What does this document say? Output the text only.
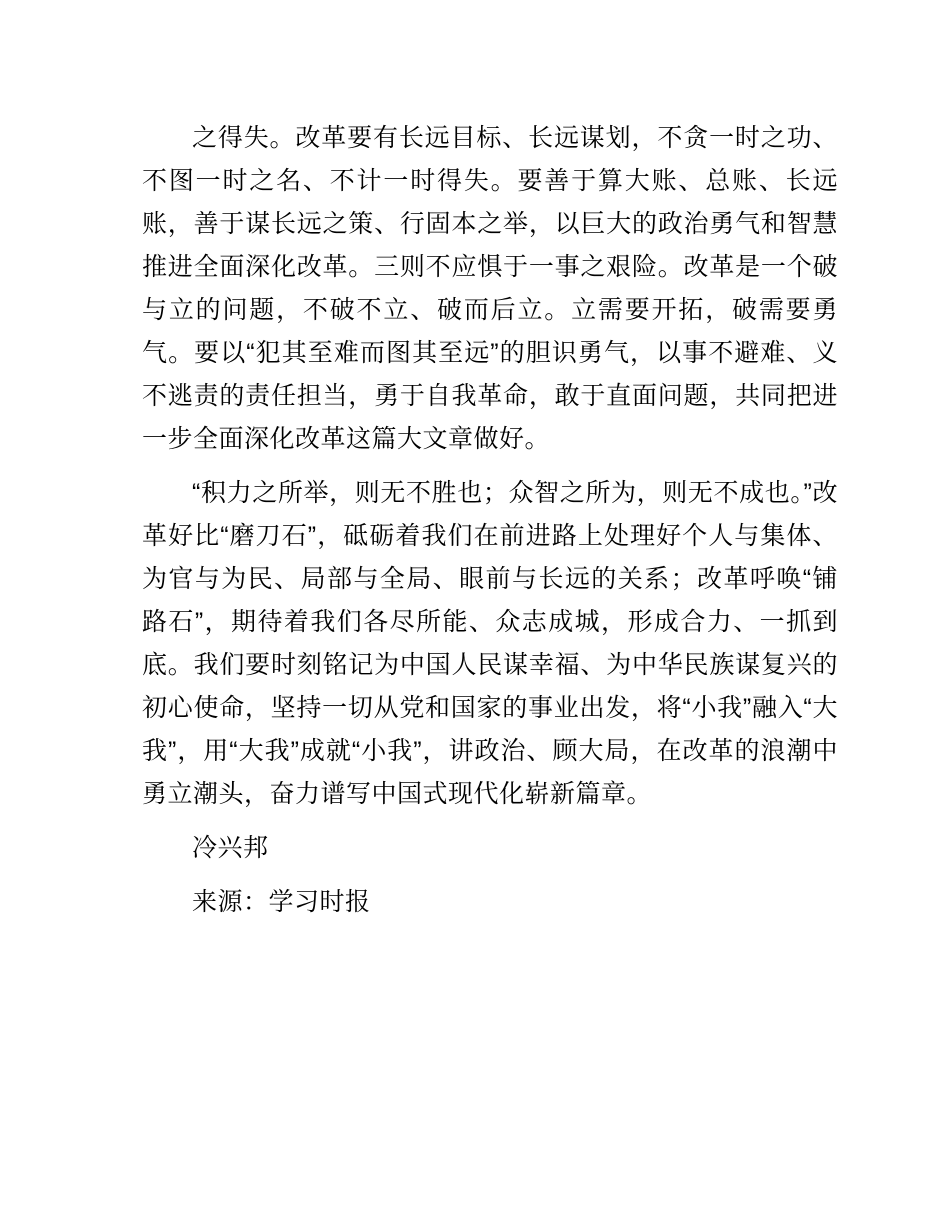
之得失。改革要有长远目标、长远谋划，不贪一时之功、不图一时之名、不计一时得失。要善于算大账、总账、长远账，善于谋长远之策、行固本之举，以巨大的政治勇气和智慧推进全面深化改革。三则不应惧于一事之艰险。改革是一个破与立的问题，不破不立、破而后立。立需要开拓，破需要勇气。要以“犯其至难而图其至远”的胆识勇气，以事不避难、义不逃责的责任担当，勇于自我革命，敢于直面问题，共同把进一步全面深化改革这篇大文章做好。

“积力之所举，则无不胜也；众智之所为，则无不成也。”改革好比“磨刀石”，砥砺着我们在前进路上处理好个人与集体、为官与为民、局部与全局、眼前与长远的关系；改革呼唤“铺路石”，期待着我们各尽所能、众志成城，形成合力、一抓到底。我们要时刻铭记为中国人民谋幸福、为中华民族谋复兴的初心使命，坚持一切从党和国家的事业出发，将“小我”融入“大我”，用“大我”成就“小我”，讲政治、顾大局，在改革的浪潮中勇立潮头，奋力谱写中国式现代化崭新篇章。

冷兴邦

来源：学习时报
